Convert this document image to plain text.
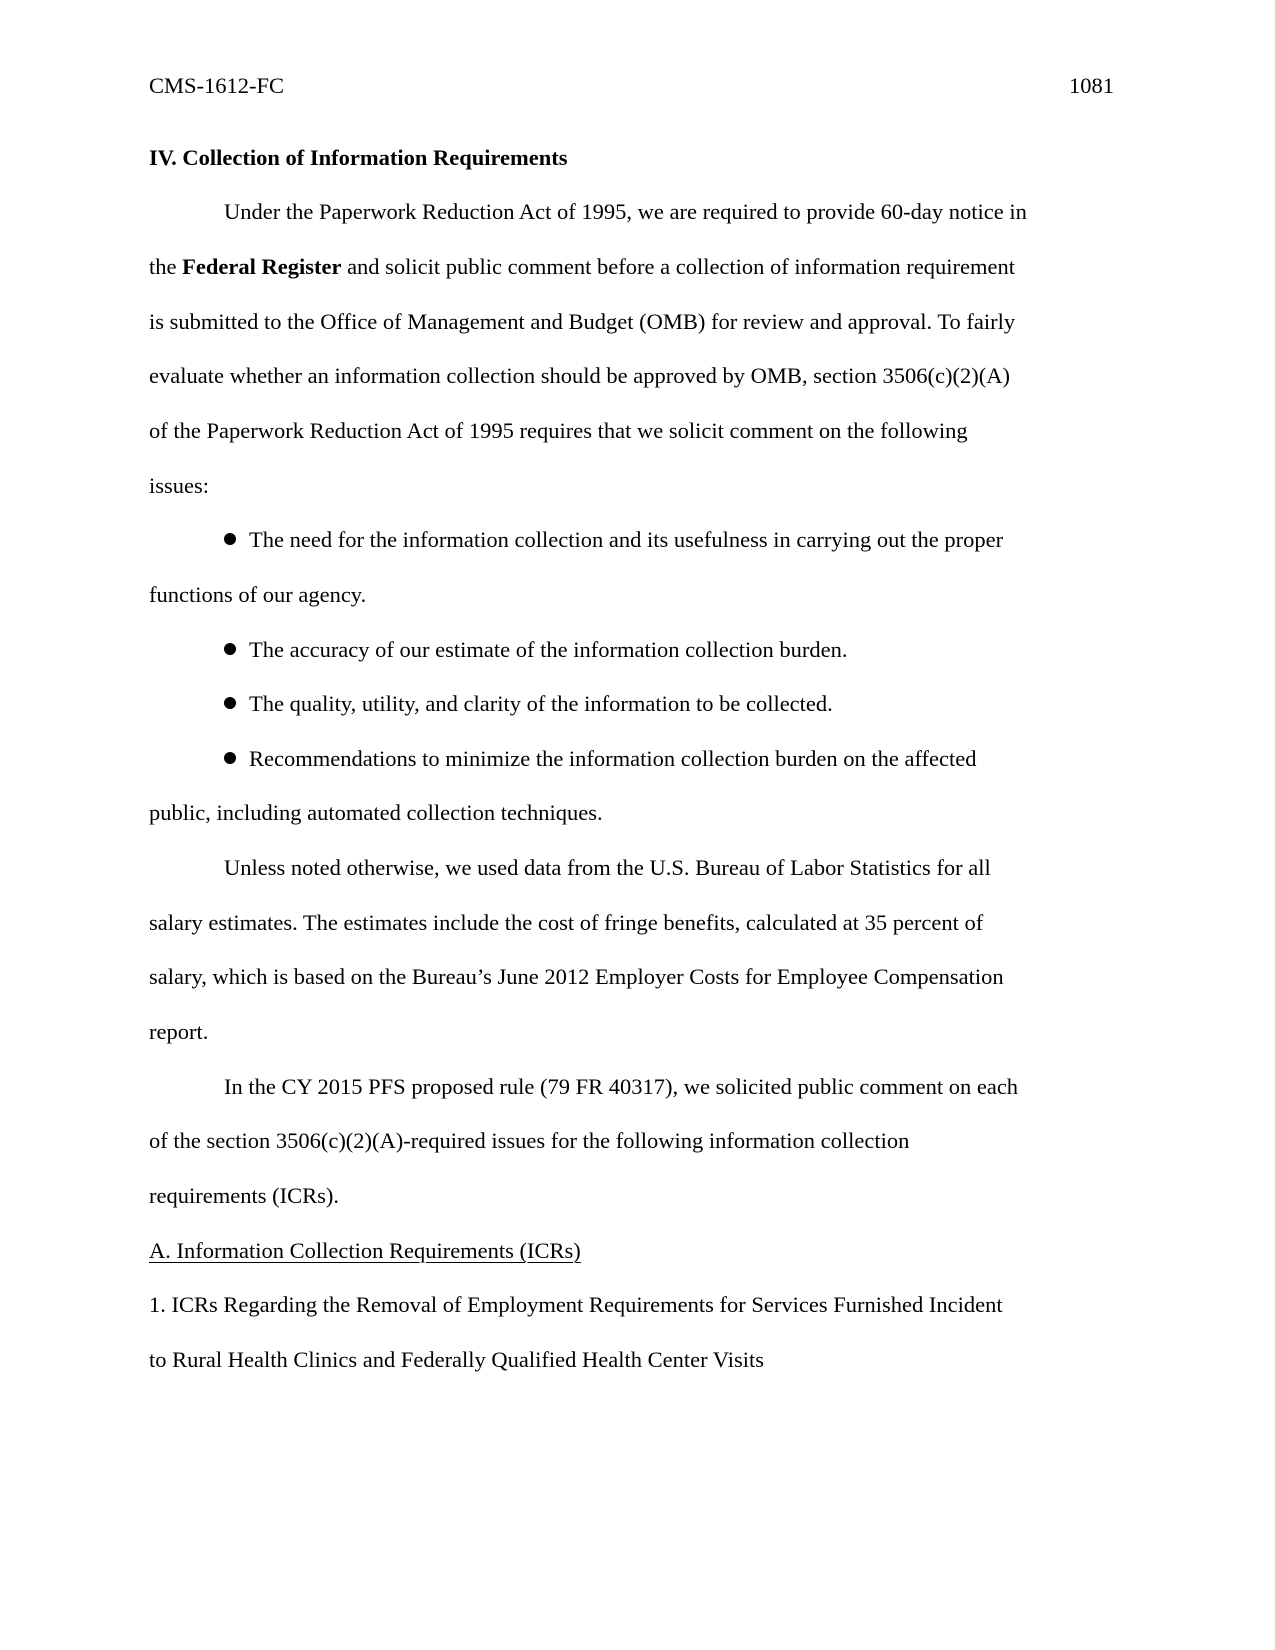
CMS-1612-FC	1081
IV. Collection of Information Requirements
Under the Paperwork Reduction Act of 1995, we are required to provide 60-day notice in
the Federal Register and solicit public comment before a collection of information requirement
is submitted to the Office of Management and Budget (OMB) for review and approval. To fairly
evaluate whether an information collection should be approved by OMB, section 3506(c)(2)(A)
of the Paperwork Reduction Act of 1995 requires that we solicit comment on the following
issues:
The need for the information collection and its usefulness in carrying out the proper
functions of our agency.
The accuracy of our estimate of the information collection burden.
The quality, utility, and clarity of the information to be collected.
Recommendations to minimize the information collection burden on the affected
public, including automated collection techniques.
Unless noted otherwise, we used data from the U.S. Bureau of Labor Statistics for all
salary estimates. The estimates include the cost of fringe benefits, calculated at 35 percent of
salary, which is based on the Bureau’s June 2012 Employer Costs for Employee Compensation
report.
In the CY 2015 PFS proposed rule (79 FR 40317), we solicited public comment on each
of the section 3506(c)(2)(A)-required issues for the following information collection
requirements (ICRs).
A. Information Collection Requirements (ICRs)
1. ICRs Regarding the Removal of Employment Requirements for Services Furnished Incident
to Rural Health Clinics and Federally Qualified Health Center Visits
